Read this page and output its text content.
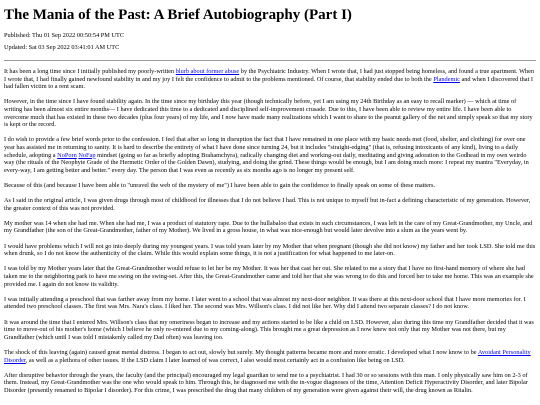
The Mania of the Past: A Brief Autobiography (Part I)
Published: Thu 01 Sep 2022 00:50:54 PM UTC
Updated: Sat 03 Sep 2022 03:41:01 AM UTC

It has been a long time since I initially published my poorly-written blurb about former abuse by the Psychiatric Industry. When I wrote that, I had just stopped being homeless, and found a true apartment. When I wrote that, I had finally gained newfound stability in and my joy I felt the confidence to admit to the problems mentioned. Of course, that stability ended due to both the Plandemic and when I discovered that I had fallen victim to a rent scam.

However, in the time since I have found stability again. In the time since my birthday this year (though technically before, yet I am using my 24th Birthday as an easy to recall marker) — which at time of writing has been almost six entire months— I have dedicated this time to a dedicated and disciplined self-improvement crusade. Due to this, I have been able to review my entire life. I have been able to overcome much that has existed in these two decades (plus four years) of my life, and I now have made many realizations which I want to share to the peanut gallery of the net and simply speak so that my story is kept or the record.

I do wish to provide a few brief words prior to the confession. I feel that after so long in disruption the fact that I have remained in one place with my basic needs met (food, shelter, and clothing) for over one year has assisted me in returning to sanity. It is hard to describe the entirety of what I have done since turning 24, but it includes "straight-edging" (that is, refusing intoxicants of any kind), living to a daily schedule, adopting a NoPorn NoFap mindset (going so far as briefly adopting Brahamchyra), radically changing diet and working-out daily, meditating and giving adoration to the Godhead in my own weirdo way (the rituals of the Neophyte Grade of the Hermetic Order of the Golden Dawn), studying, and doing the grind. These things would be enough, but I am doing much more: I repeat my mantra "Everyday, in every-way, I am getting better and better." every day. The person that I was even as recently as six months ago is no longer my present self.

Because of this (and because I have been able to "unravel the web of the mystery of me") I have been able to gain the confidence to finally speak on some of these matters.

As I said in the original article, I was given drugs through most of childhood for illnesses that I do not believe I had. This is not unique to myself but in-fact a defining characteristic of my generation. However, the greater context of this was not provided.

My mother was 14 when she had me. When she had me, I was a product of statutory rape. Due to the hullabaloo that exists in such circumstances, I was left in the care of my Great-Grandmother, my Uncle, and my Grandfather (the son of the Great-Grandmother, father of my Mother). We lived in a gross house, in what was nice-enough but would later devolve into a slum as the years went by.

I would have problems which I will not go into deeply during my youngest years. I was told years later by my Mother that when pregnant (though she did not know) my father and her took LSD. She told me this when drunk, so I do not know the authenticity of the claim. While this would explain some things, it is not a justification for what happened to me later-on.

I was told by my Mother years later that the Great-Grandmother would refuse to let her be my Mother. It was her that cast her out. She related to me a story that I have no first-hand memory of where she had taken me to the neighboring park to have me swing on the swing-set. After this, the Great-Grandmother came and told her that she was wrong to do this and forced her to take me home. This was an example she provided me. I again do not know its validity.

I was initially attending a preschool that was farther away from my home. I later went to a school that was almost my next-door neighbor. It was there at this next-door school that I have more memories for. I attended two preschool classes. The first was Mrs. Nara's class. I liked her. The second was Mrs. Willson's class. I did not like her. Why did I attend two separate classes? I do not know.

It was around the time that I entered Mrs. Willson's class that my omeriness began to increase and my actions started to be like a child on LSD. However, also during this time my Grandfather decided that it was time to move-out of his mother's home (which I believe he only re-entered due to my coming-along). This brought me a great depression as I now knew not only that my Mother was not there, but my Grandfather (which until I was told I mistakenly called my Dad often) was leaving too.

The shock of this leaving (again) caused great mental distress. I began to act out, slowly but surely. My thought patterns became more and more erratic. I developed what I now know to be Avoidant Personality Disorder, as well as a plethora of other issues. If the LSD claim I later learned of was correct, I also would most certainly act in a confusion like being on LSD.

After disruptive behavior through the years, the faculty (and the principal) encouraged my legal guardian to send me to a psychiatrist. I had 30 or so sessions with this man. I only physically saw him on 2-3 of them. Instead, my Great-Grandmother was the one who would speak to him. Through this, he diagnosed me with the in-vogue diagnoses of the time, Attention Deficit Hyperactivity Disorder, and later Bipolar Disorder (presently renamed to Bipolar I disorder). For this crime, I was prescribed the drug that many children of my generation were given against their will, the drug known as Ritalin.
